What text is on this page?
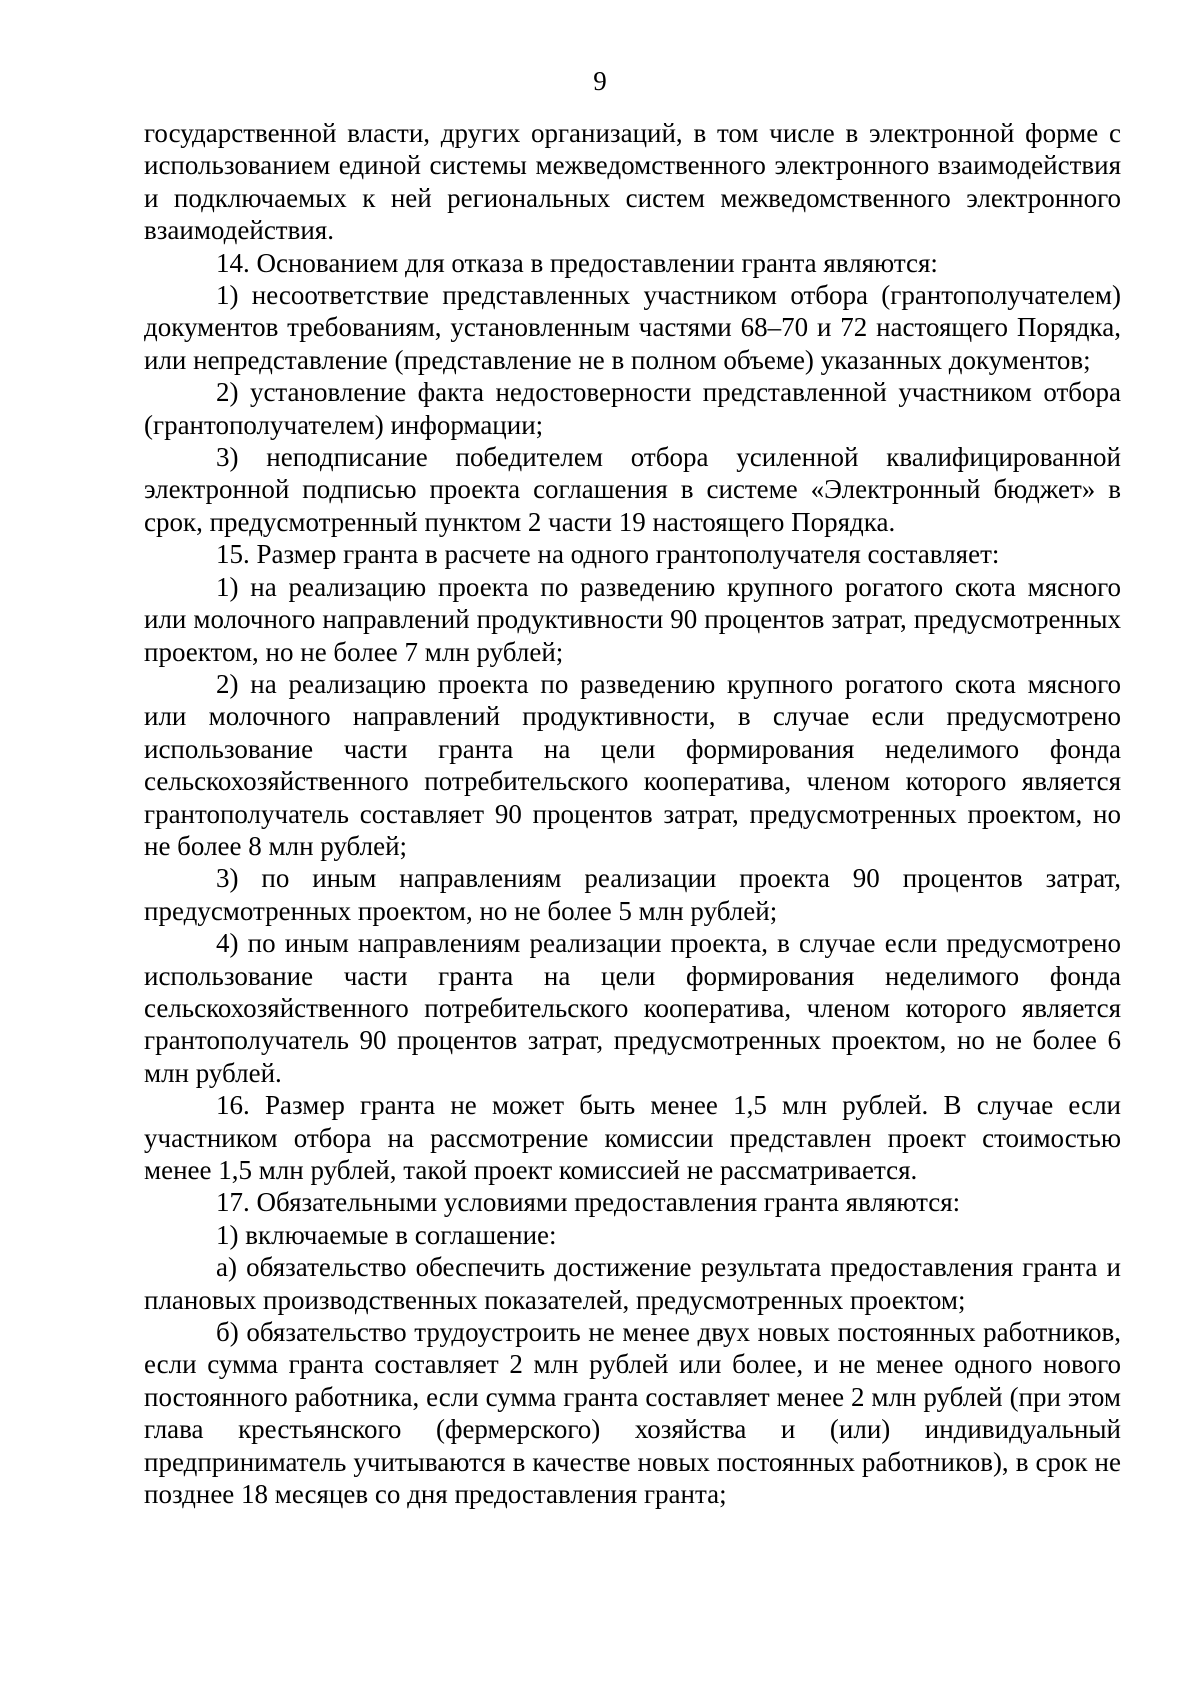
9

государственной власти, других организаций, в том числе в электронной форме с использованием единой системы межведомственного электронного взаимодействия и подключаемых к ней региональных систем межведомственного электронного взаимодействия.

14. Основанием для отказа в предоставлении гранта являются:

1) несоответствие представленных участником отбора (грантополучателем) документов требованиям, установленным частями 68–70 и 72 настоящего Порядка, или непредставление (представление не в полном объеме) указанных документов;

2) установление факта недостоверности представленной участником отбора (грантополучателем) информации;

3) неподписание победителем отбора усиленной квалифицированной электронной подписью проекта соглашения в системе «Электронный бюджет» в срок, предусмотренный пунктом 2 части 19 настоящего Порядка.

15. Размер гранта в расчете на одного грантополучателя составляет:

1) на реализацию проекта по разведению крупного рогатого скота мясного или молочного направлений продуктивности 90 процентов затрат, предусмотренных проектом, но не более 7 млн рублей;

2) на реализацию проекта по разведению крупного рогатого скота мясного или молочного направлений продуктивности, в случае если предусмотрено использование части гранта на цели формирования неделимого фонда сельскохозяйственного потребительского кооператива, членом которого является грантополучатель составляет 90 процентов затрат, предусмотренных проектом, но не более 8 млн рублей;

3) по иным направлениям реализации проекта 90 процентов затрат, предусмотренных проектом, но не более 5 млн рублей;

4) по иным направлениям реализации проекта, в случае если предусмотрено использование части гранта на цели формирования неделимого фонда сельскохозяйственного потребительского кооператива, членом которого является грантополучатель 90 процентов затрат, предусмотренных проектом, но не более 6 млн рублей.

16. Размер гранта не может быть менее 1,5 млн рублей. В случае если участником отбора на рассмотрение комиссии представлен проект стоимостью менее 1,5 млн рублей, такой проект комиссией не рассматривается.

17. Обязательными условиями предоставления гранта являются:

1) включаемые в соглашение:

а) обязательство обеспечить достижение результата предоставления гранта и плановых производственных показателей, предусмотренных проектом;

б) обязательство трудоустроить не менее двух новых постоянных работников, если сумма гранта составляет 2 млн рублей или более, и не менее одного нового постоянного работника, если сумма гранта составляет менее 2 млн рублей (при этом глава крестьянского (фермерского) хозяйства и (или) индивидуальный предприниматель учитываются в качестве новых постоянных работников), в срок не позднее 18 месяцев со дня предоставления гранта;
